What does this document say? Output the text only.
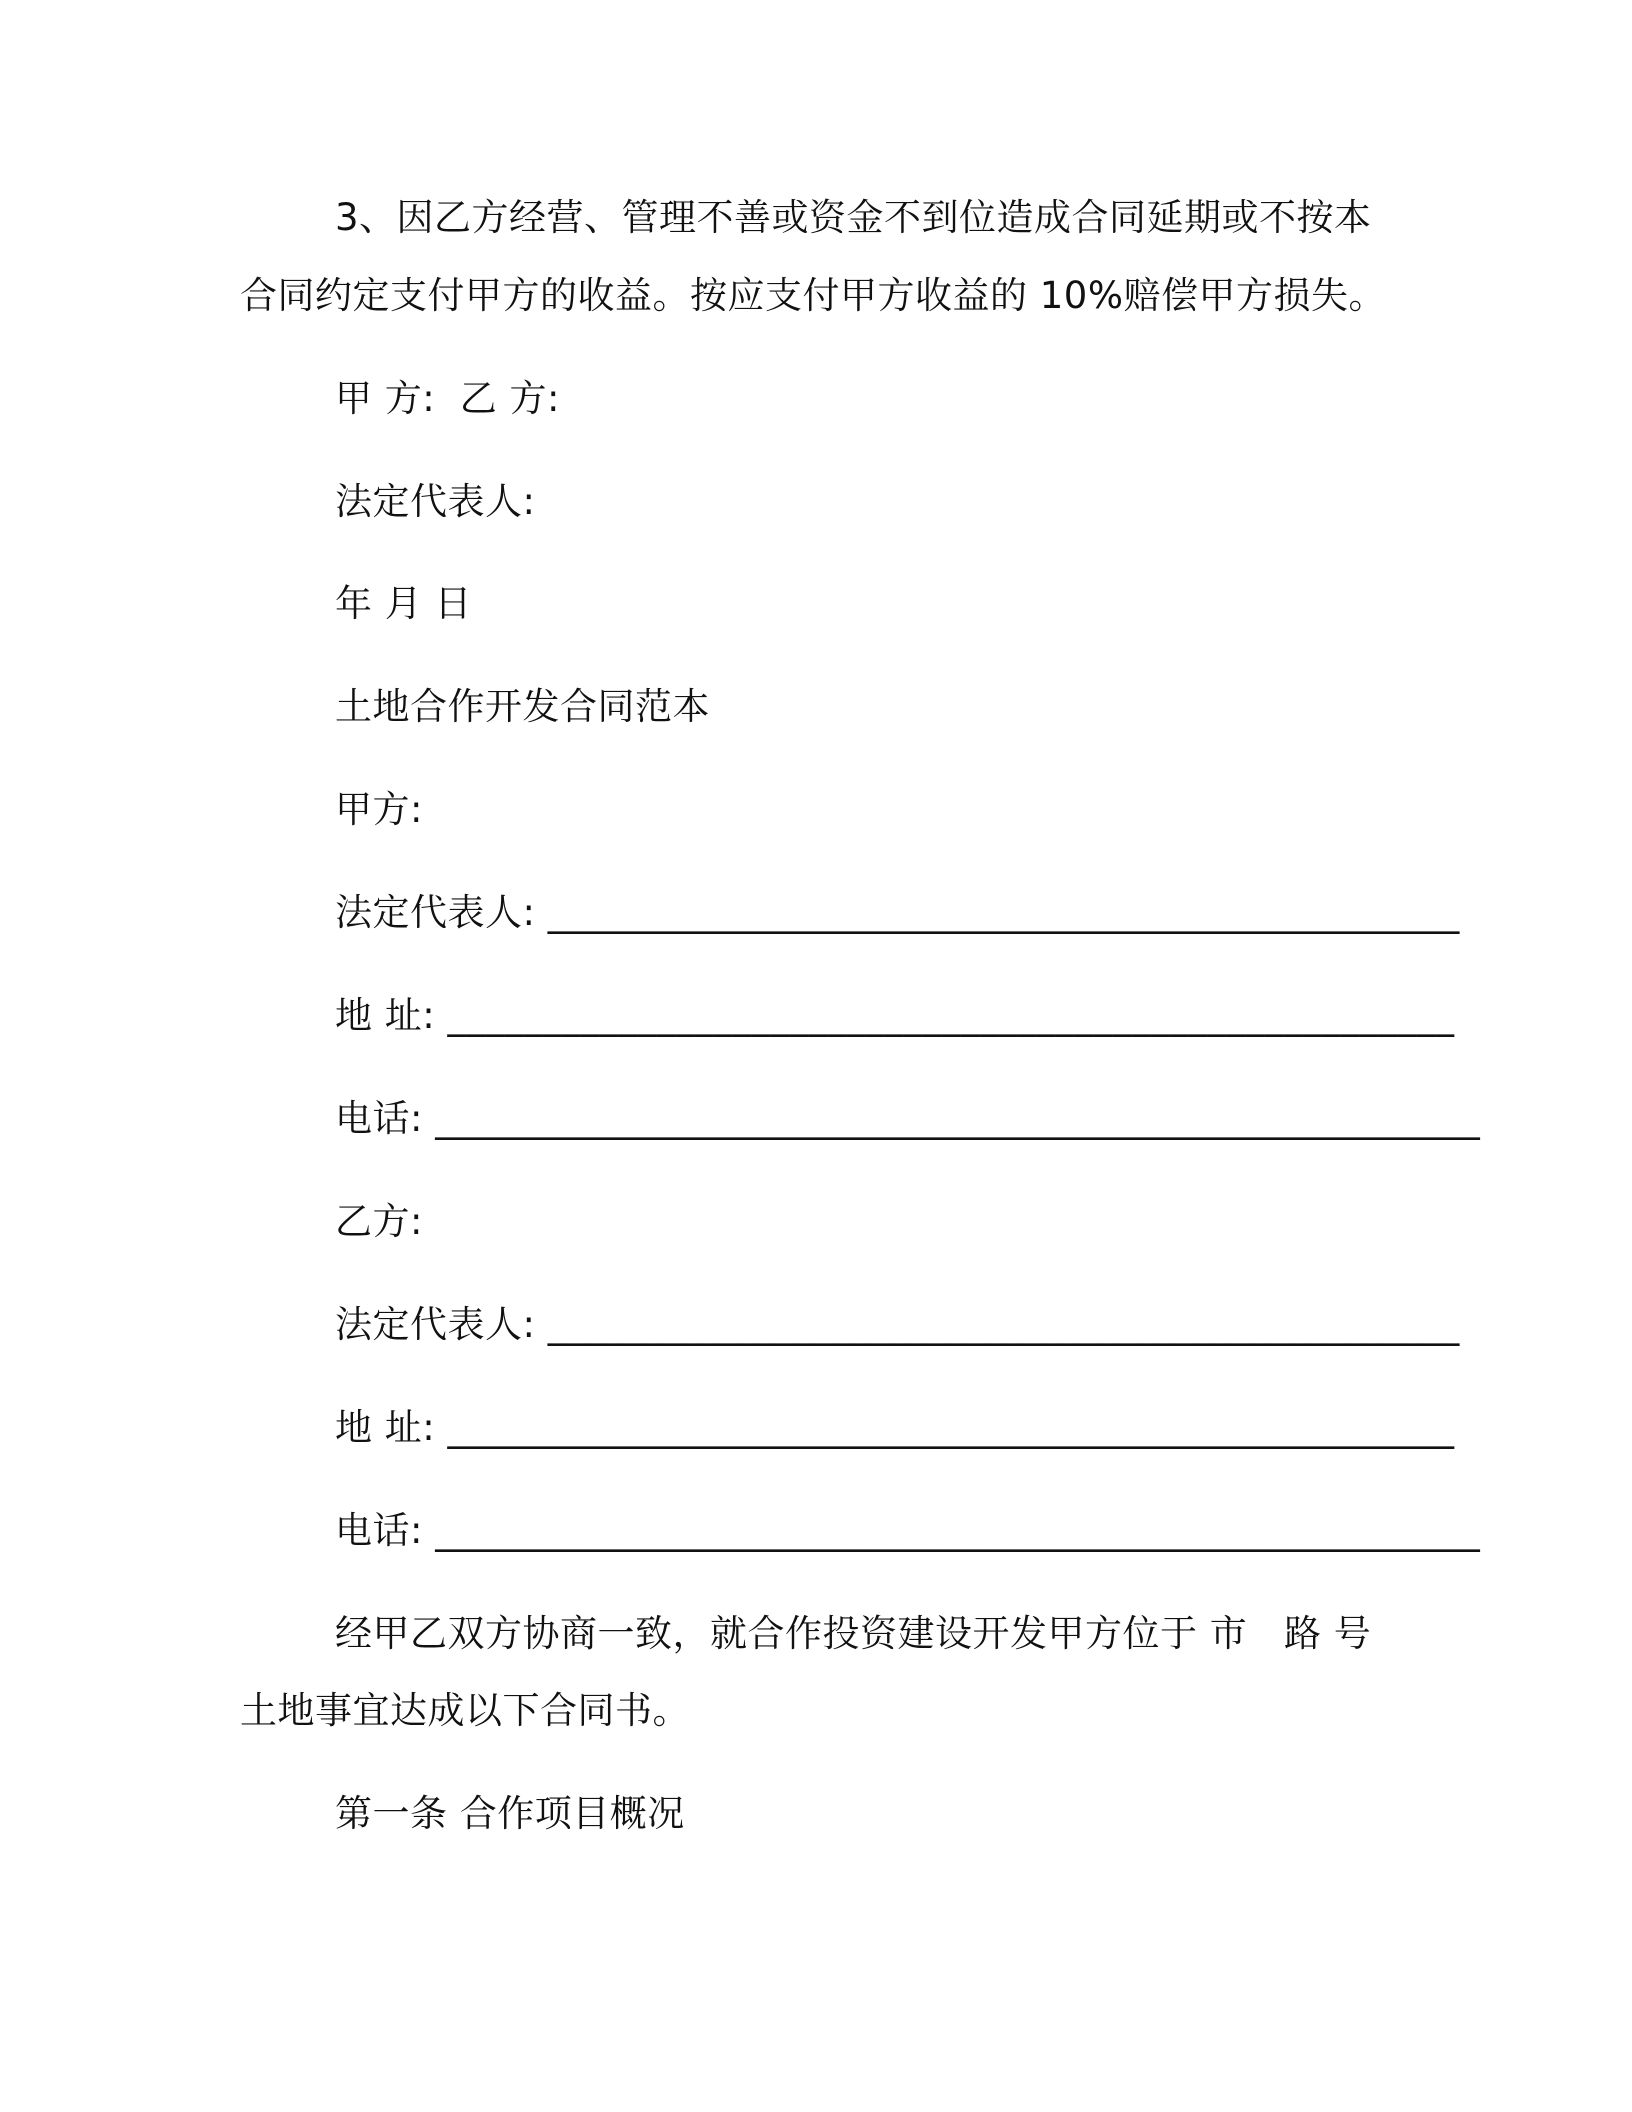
3、因乙方经营、管理不善或资金不到位造成合同延期或不按本

合同约定支付甲方的收益。按应支付甲方收益的 10%赔偿甲方损失。

甲 方:  乙 方:

法定代表人:

年 月 日

土地合作开发合同范本

甲方:

法定代表人: ________________________________________________

地 址: _____________________________________________________

电话: _______________________________________________________

乙方:

法定代表人: ________________________________________________

地 址: _____________________________________________________

电话: _______________________________________________________

经甲乙双方协商一致，就合作投资建设开发甲方位于 市   路 号

土地事宜达成以下合同书。

第一条 合作项目概况
